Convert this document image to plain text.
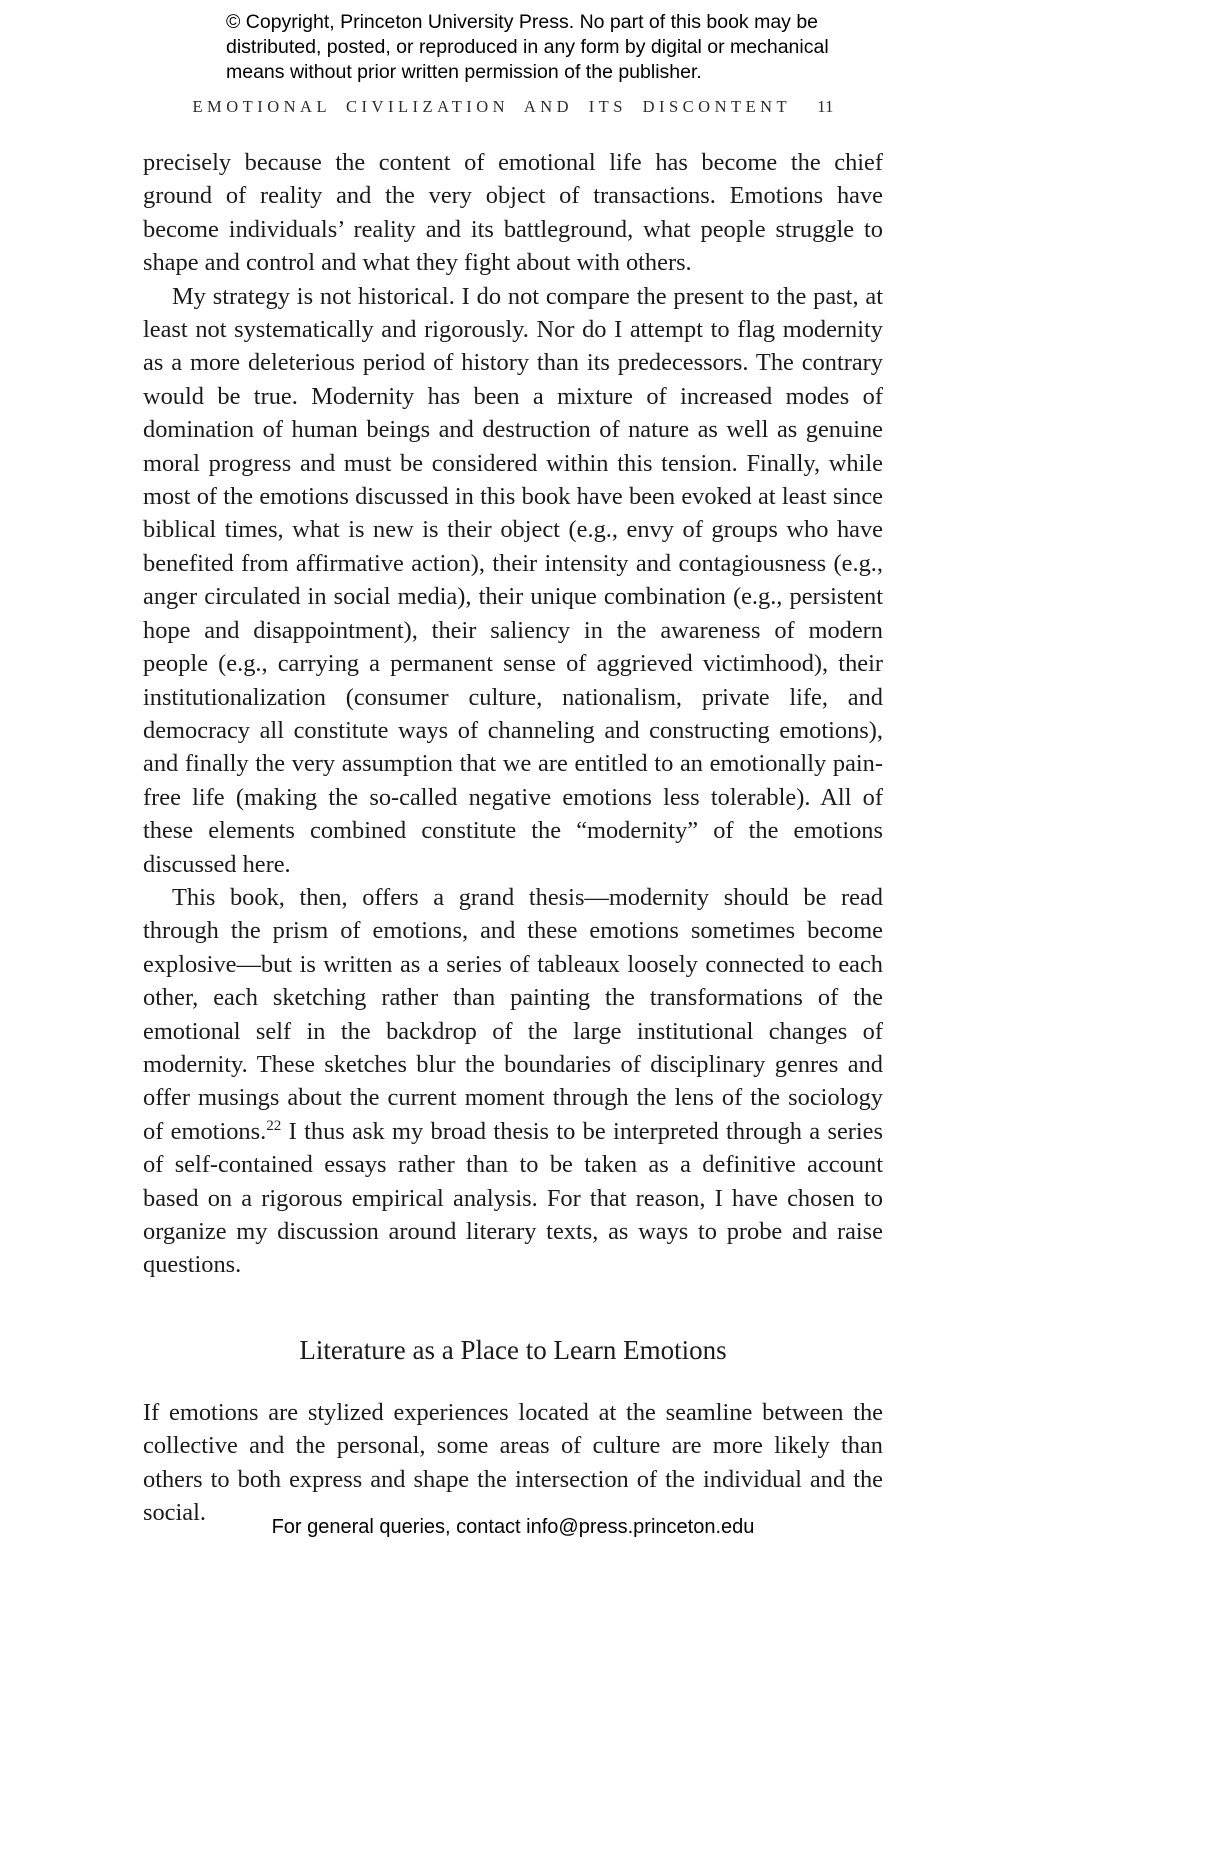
© Copyright, Princeton University Press. No part of this book may be
distributed, posted, or reproduced in any form by digital or mechanical
means without prior written permission of the publisher.
EMOTIONAL CIVILIZATION AND ITS DISCONTENT 11

precisely because the content of emotional life has become the chief ground of reality and the very object of transactions. Emotions have become individuals’ reality and its battleground, what people struggle to shape and control and what they fight about with others.

My strategy is not historical. I do not compare the present to the past, at least not systematically and rigorously. Nor do I attempt to flag modernity as a more deleterious period of history than its predecessors. The contrary would be true. Modernity has been a mixture of increased modes of domination of human beings and destruction of nature as well as genuine moral progress and must be considered within this tension. Finally, while most of the emotions discussed in this book have been evoked at least since biblical times, what is new is their object (e.g., envy of groups who have benefited from affirmative action), their intensity and contagiousness (e.g., anger circulated in social media), their unique combination (e.g., persistent hope and disappointment), their saliency in the awareness of modern people (e.g., carrying a permanent sense of aggrieved victimhood), their institutionalization (consumer culture, nationalism, private life, and democracy all constitute ways of channeling and constructing emotions), and finally the very assumption that we are entitled to an emotionally pain-free life (making the so-called negative emotions less tolerable). All of these elements combined constitute the “modernity” of the emotions discussed here.

This book, then, offers a grand thesis—modernity should be read through the prism of emotions, and these emotions sometimes become explosive—but is written as a series of tableaux loosely connected to each other, each sketching rather than painting the transformations of the emotional self in the backdrop of the large institutional changes of modernity. These sketches blur the boundaries of disciplinary genres and offer musings about the current moment through the lens of the sociology of emotions.$^{22}$ I thus ask my broad thesis to be interpreted through a series of self-contained essays rather than to be taken as a definitive account based on a rigorous empirical analysis. For that reason, I have chosen to organize my discussion around literary texts, as ways to probe and raise questions.

Literature as a Place to Learn Emotions

If emotions are stylized experiences located at the seamline between the collective and the personal, some areas of culture are more likely than others to both express and shape the intersection of the individual and the social.

For general queries, contact info@press.princeton.edu
